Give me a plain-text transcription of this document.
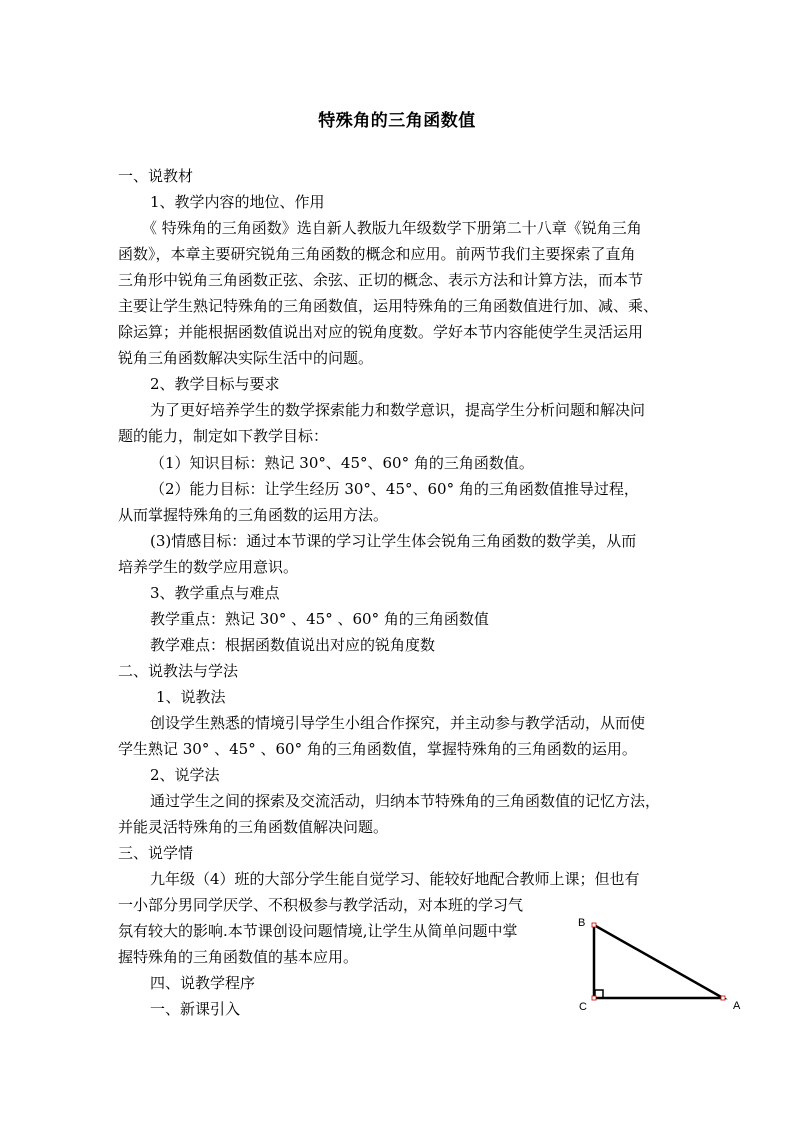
特殊角的三角函数值
一、说教材
1、教学内容的地位、作用
《 特殊角的三角函数》选自新人教版九年级数学下册第二十八章《锐角三角
函数》，本章主要研究锐角三角函数的概念和应用。前两节我们主要探索了直角
三角形中锐角三角函数正弦、余弦、正切的概念、表示方法和计算方法，而本节
主要让学生熟记特殊角的三角函数值，运用特殊角的三角函数值进行加、减、乘、
除运算；并能根据函数值说出对应的锐角度数。学好本节内容能使学生灵活运用
锐角三角函数解决实际生活中的问题。
2、教学目标与要求
为了更好培养学生的数学探索能力和数学意识，提高学生分析问题和解决问
题的能力，制定如下教学目标：
（1）知识目标：熟记 30°、45°、60° 角的三角函数值。
（2）能力目标：让学生经历 30°、45°、60° 角的三角函数值推导过程，
从而掌握特殊角的三角函数的运用方法。
(3)情感目标：通过本节课的学习让学生体会锐角三角函数的数学美，从而
培养学生的数学应用意识。
3、教学重点与难点
教学重点：熟记 30° 、45° 、60° 角的三角函数值
教学难点：根据函数值说出对应的锐角度数
二、说教法与学法
1、说教法
创设学生熟悉的情境引导学生小组合作探究，并主动参与教学活动，从而使
学生熟记 30° 、45° 、60° 角的三角函数值，掌握特殊角的三角函数的运用。
2、说学法
通过学生之间的探索及交流活动，归纳本节特殊角的三角函数值的记忆方法，
并能灵活特殊角的三角函数值解决问题。
三、说学情
九年级（4）班的大部分学生能自觉学习、能较好地配合教师上课；但也有
一小部分男同学厌学、不积极参与教学活动，对本班的学习气
氛有较大的影响.本节课创设问题情境,让学生从简单问题中掌
握特殊角的三角函数值的基本应用。
四、说教学程序
一、新课引入
B
C	A
